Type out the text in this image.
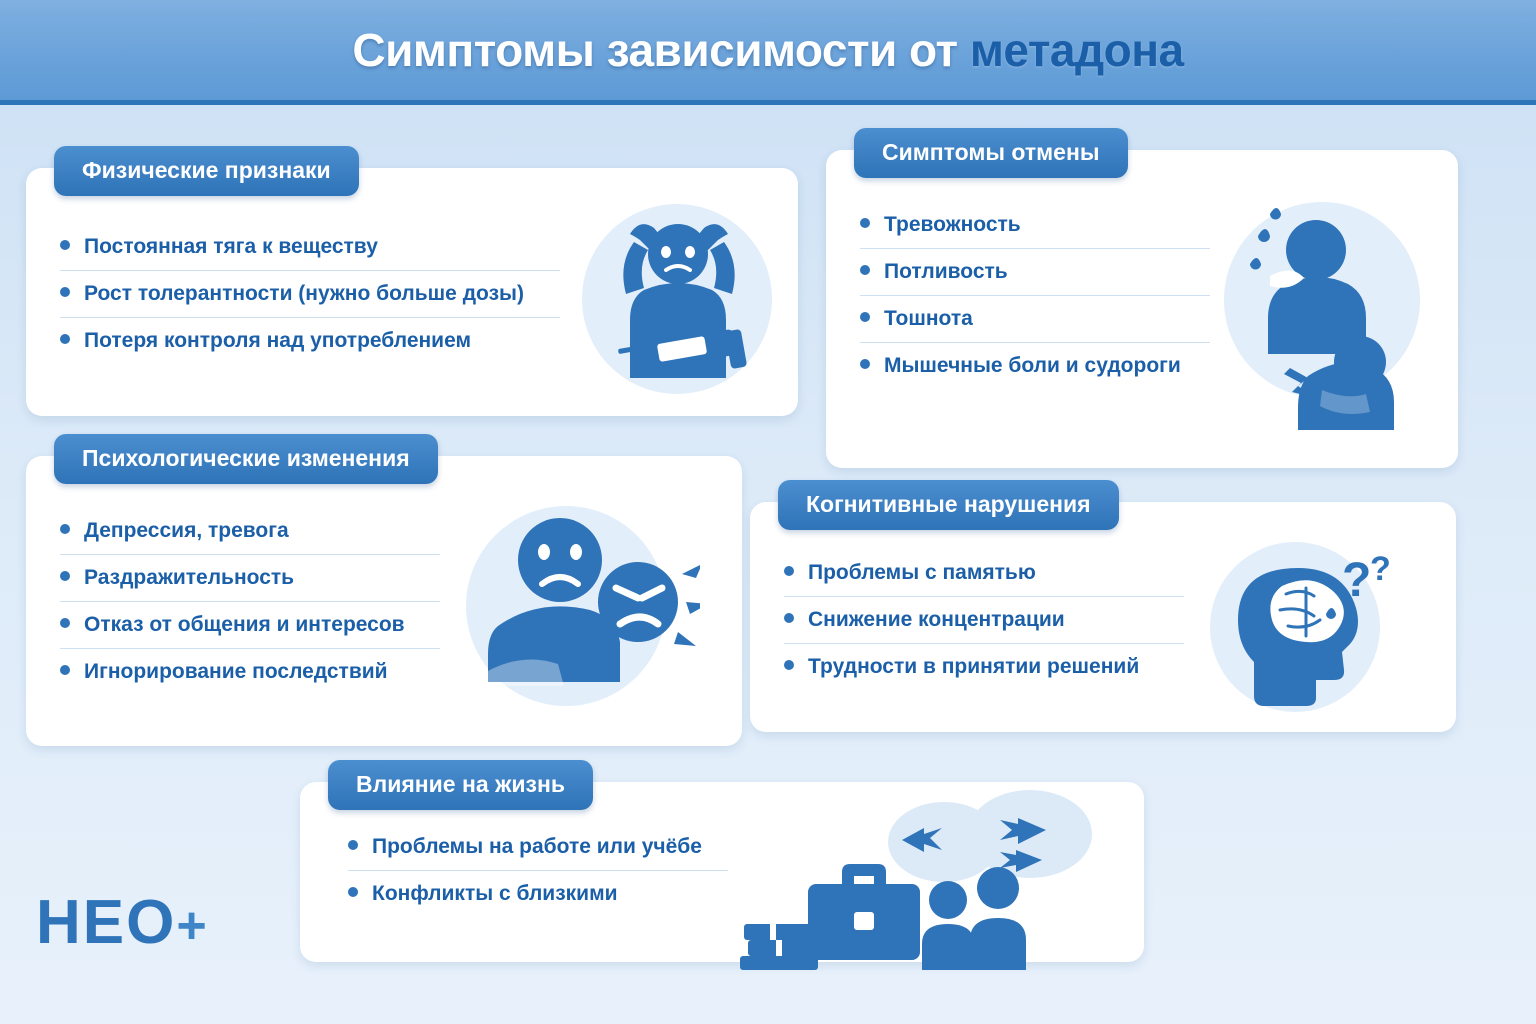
Симптомы зависимости от метадона
Физические признаки
Постоянная тяга к веществу
Рост толерантности (нужно больше дозы)
Потеря контроля над употреблением
Симптомы отмены
Тревожность
Потливость
Тошнота
Мышечные боли и судороги
Психологические изменения
Депрессия, тревога
Раздражительность
Отказ от общения и интересов
Игнорирование последствий
Когнитивные нарушения
Проблемы с памятью
Снижение концентрации
Трудности в принятии решений
?
?
Влияние на жизнь
Проблемы на работе или учёбе
Конфликты с близкими
HEO+
